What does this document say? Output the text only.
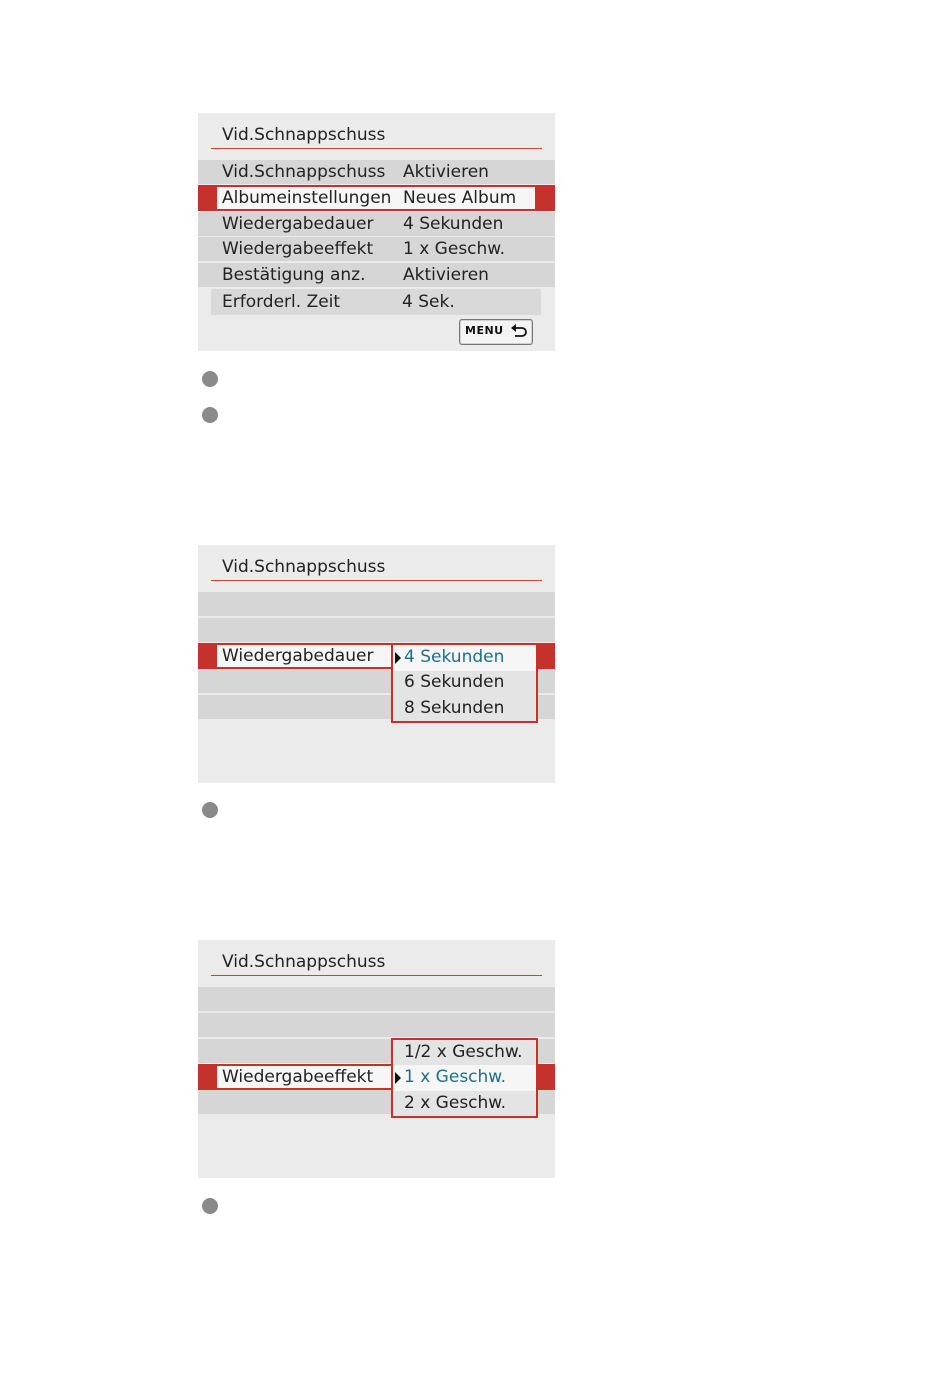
Vid.Schnappschuss
Vid.Schnappschuss Aktivieren
Albumeinstellungen Neues Album
Wiedergabedauer 4 Sekunden
Wiedergabeeffekt 1 x Geschw.
Bestätigung anz. Aktivieren
Erforderl. Zeit	4 Sek.
MENU
Vid.Schnappschuss
Wiedergabedauer 4 Sekunden
6 Sekunden
8 Sekunden
Vid.Schnappschuss
Wiedergabeeffekt
1/2 x Geschw.
1 x Geschw.
2 x Geschw.
